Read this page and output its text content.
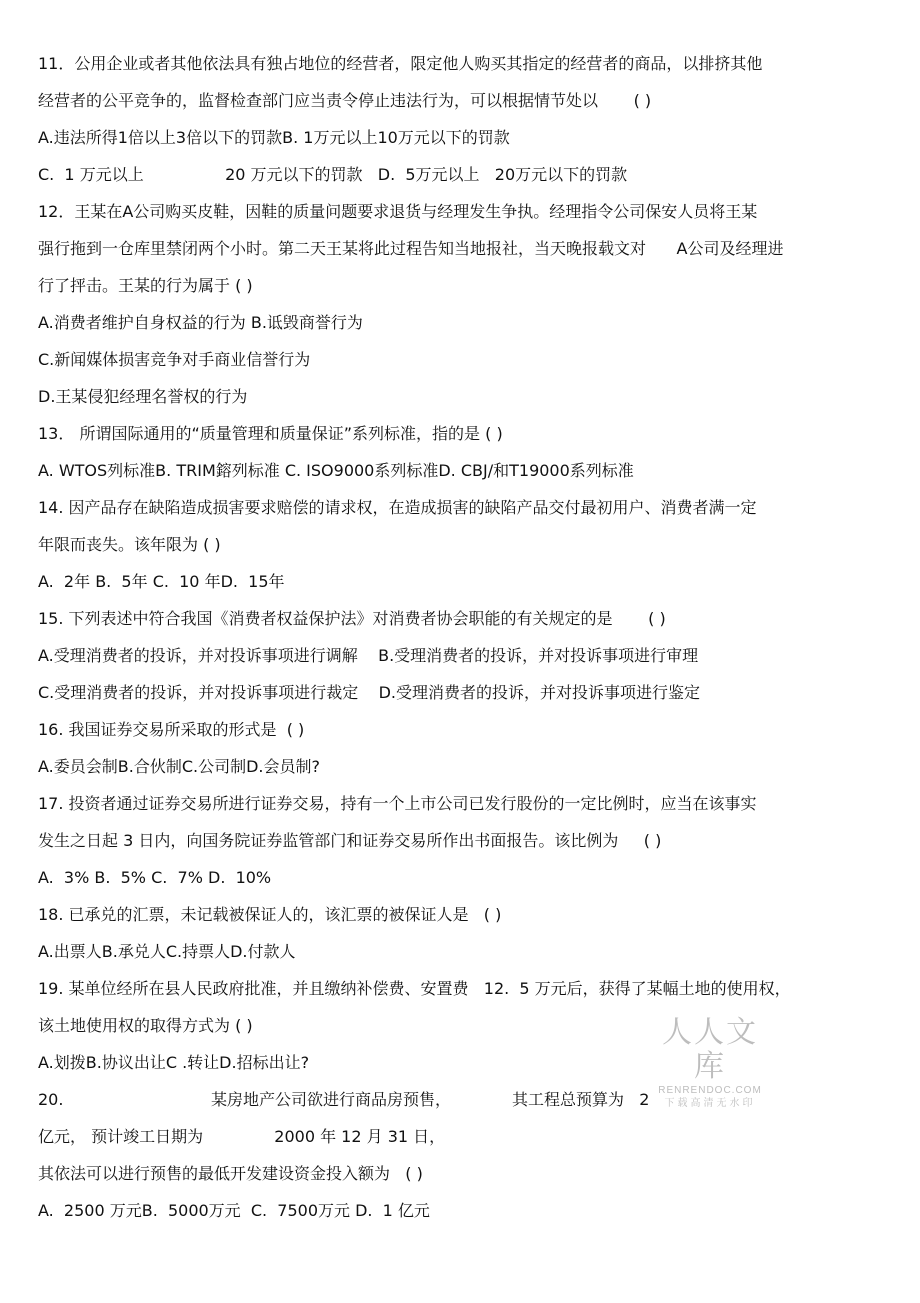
11．公用企业或者其他依法具有独占地位的经营者，限定他人购买其指定的经营者的商品，以排挤其他
经营者的公平竞争的，监督检查部门应当责令停止违法行为，可以根据情节处以       ( )
A.违法所得1倍以上3倍以下的罚款B. 1万元以上10万元以下的罚款
C.  1 万元以上                20 万元以下的罚款   D.  5万元以上   20万元以下的罚款
12．王某在A公司购买皮鞋，因鞋的质量问题要求退货与经理发生争执。经理指令公司保安人员将王某
强行拖到一仓库里禁闭两个小时。第二天王某将此过程告知当地报社，当天晚报载文对      A公司及经理进
行了抨击。王某的行为属于 ( )
A.消费者维护自身权益的行为 B.诋毁商誉行为
C.新闻媒体损害竞争对手商业信誉行为
D.王某侵犯经理名誉权的行为
13． 所谓国际通用的“质量管理和质量保证”系列标准，指的是 ( )
A. WTOS列标准B. TRIM鎔列标准 C. ISO9000系列标准D. CBJ/和T19000系列标准
14. 因产品存在缺陷造成损害要求赔偿的请求权，在造成损害的缺陷产品交付最初用户、消费者满一定
年限而丧失。该年限为 ( )
A.  2年 B.  5年 C.  10 年D.  15年
15. 下列表述中符合我国《消费者权益保护法》对消费者协会职能的有关规定的是       ( )
A.受理消费者的投诉，并对投诉事项进行调解    B.受理消费者的投诉，并对投诉事项进行审理
C.受理消费者的投诉，并对投诉事项进行裁定    D.受理消费者的投诉，并对投诉事项进行鉴定
16. 我国证券交易所采取的形式是  ( )
A.委员会制B.合伙制C.公司制D.会员制?
17. 投资者通过证券交易所进行证券交易，持有一个上市公司已发行股份的一定比例时，应当在该事实
发生之日起 3 日内，向国务院证券监管部门和证券交易所作出书面报告。该比例为     ( )
A.  3% B.  5% C.  7% D.  10%
18. 已承兑的汇票，未记载被保证人的，该汇票的被保证人是   ( )
A.出票人B.承兑人C.持票人D.付款人
19. 某单位经所在县人民政府批准，并且缴纳补偿费、安置费   12.  5 万元后，获得了某幅土地的使用权，
该土地使用权的取得方式为 ( )
A.划拨B.协议出让C .转让D.招标出让?
20.                             某房地产公司欲进行商品房预售，            其工程总预算为   2
亿元， 预计竣工日期为              2000 年 12 月 31 日，
其依法可以进行预售的最低开发建设资金投入额为   ( )
A.  2500 万元B.  5000万元  C.  7500万元 D.  1 亿元
人人文库
RENRENDOC.COM
下载高清无水印
